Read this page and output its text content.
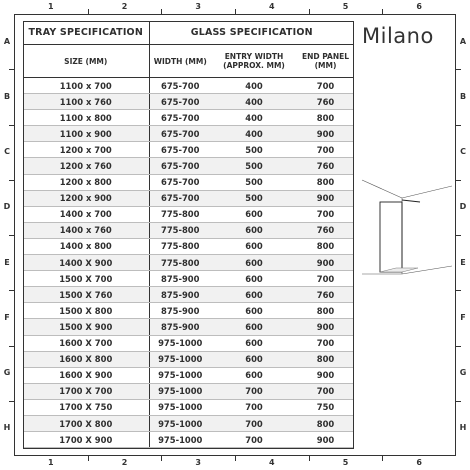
1	2	3	4	5	6
1	2	3	4	5	6
A
B
C
D
E
F
G
H
A
B
C
D
E
F
G
H
TRAY SPECIFICATION	GLASS SPECIFICATION		
SIZE (MM)	WIDTH (MM)	ENTRY WIDTH
(APPROX. MM)	END PANEL
(MM)
1100 x 700	675-700	400	700
1100 x 760	675-700	400	760
1100 x 800	675-700	400	800
1100 x 900	675-700	400	900
1200 x 700	675-700	500	700
1200 x 760	675-700	500	760
1200 x 800	675-700	500	800
1200 x 900	675-700	500	900
1400 x 700	775-800	600	700
1400 x 760	775-800	600	760
1400 x 800	775-800	600	800
1400 X 900	775-800	600	900
1500 X 700	875-900	600	700
1500 X 760	875-900	600	760
1500 X 800	875-900	600	800
1500 X 900	875-900	600	900
1600 X 700	975-1000	600	700
1600 X 800	975-1000	600	800
1600 X 900	975-1000	600	900
1700 X 700	975-1000	700	700
1700 X 750	975-1000	700	750
1700 X 800	975-1000	700	800
1700 X 900	975-1000	700	900
Milano
